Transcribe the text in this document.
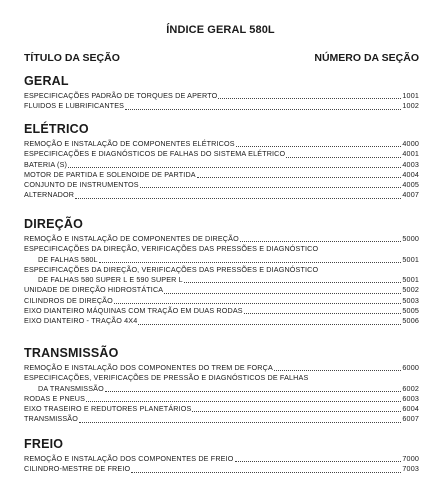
ÍNDICE GERAL 580L
TÍTULO DA SEÇÃO	NÚMERO DA SEÇÃO
GERAL
ESPECIFICAÇÕES PADRÃO DE TORQUES DE APERTO	1001
FLUIDOS E LUBRIFICANTES	1002
ELÉTRICO
REMOÇÃO E INSTALAÇÃO DE COMPONENTES ELÉTRICOS	4000
ESPECIFICAÇÕES E DIAGNÓSTICOS DE FALHAS DO SISTEMA ELÉTRICO	4001
BATERIA (S)	4003
MOTOR DE PARTIDA E SOLENOIDE DE PARTIDA	4004
CONJUNTO DE INSTRUMENTOS	4005
ALTERNADOR	4007
DIREÇÃO
REMOÇÃO E INSTALAÇÃO DE COMPONENTES DE DIREÇÃO	5000
ESPECIFICAÇÕES DA DIREÇÃO, VERIFICAÇÕES DAS PRESSÕES E DIAGNÓSTICO
DE FALHAS 580L	5001
ESPECIFICAÇÕES DA DIREÇÃO, VERIFICAÇÕES DAS PRESSÕES E DIAGNÓSTICO
DE FALHAS 580 SUPER L E 590 SUPER L	5001
UNIDADE DE DIREÇÃO HIDROSTÁTICA	5002
CILINDROS DE DIREÇÃO	5003
EIXO DIANTEIRO MÁQUINAS COM TRAÇÃO EM DUAS RODAS	5005
EIXO DIANTEIRO - TRAÇÃO 4X4	5006
TRANSMISSÃO
REMOÇÃO E INSTALAÇÃO DOS COMPONENTES DO TREM DE FORÇA	6000
ESPECIFICAÇÕES, VERIFICAÇÕES DE PRESSÃO E DIAGNÓSTICOS DE FALHAS
DA TRANSMISSÃO	6002
RODAS E PNEUS	6003
EIXO TRASEIRO E REDUTORES PLANETÁRIOS	6004
TRANSMISSÃO	6007
FREIO
REMOÇÃO E INSTALAÇÃO DOS COMPONENTES DE FREIO	7000
CILINDRO-MESTRE DE FREIO	7003
